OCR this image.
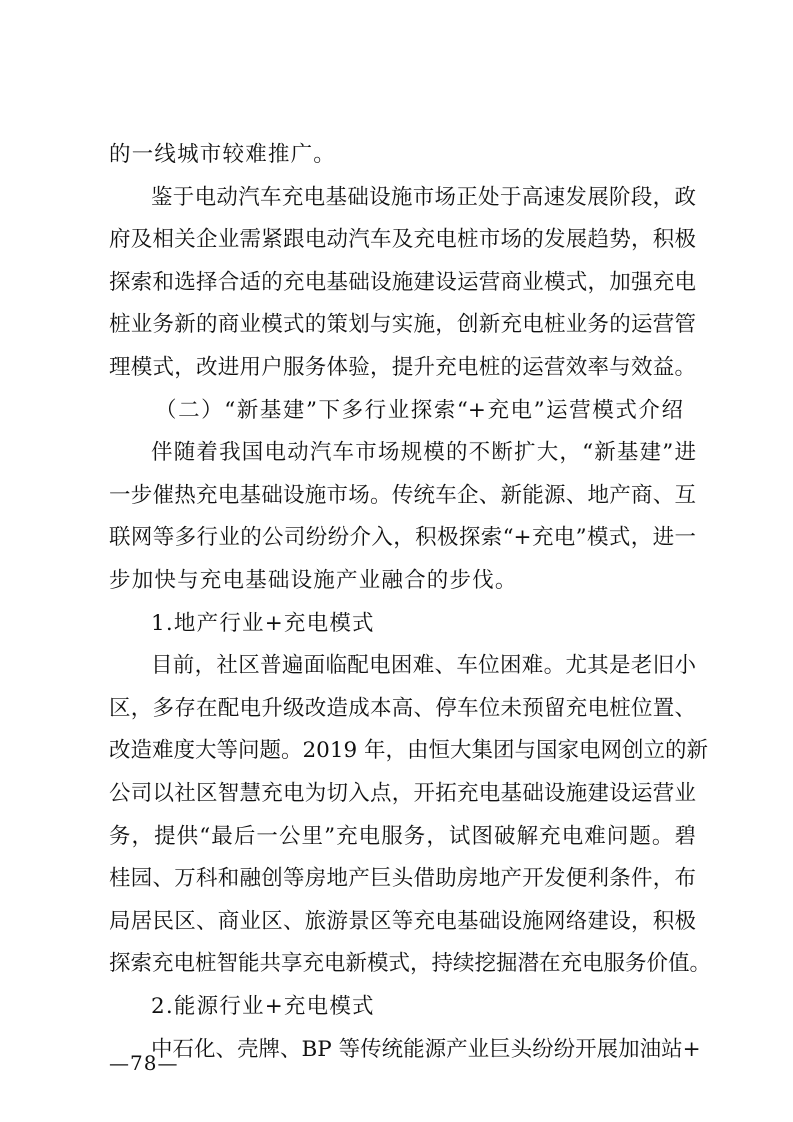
的一线城市较难推广。
鉴于电动汽车充电基础设施市场正处于高速发展阶段，政
府及相关企业需紧跟电动汽车及充电桩市场的发展趋势，积极
探索和选择合适的充电基础设施建设运营商业模式，加强充电
桩业务新的商业模式的策划与实施，创新充电桩业务的运营管
理模式，改进用户服务体验，提升充电桩的运营效率与效益。
（二）“新基建”下多行业探索“+充电”运营模式介绍
伴随着我国电动汽车市场规模的不断扩大，“新基建”进
一步催热充电基础设施市场。传统车企、新能源、地产商、互
联网等多行业的公司纷纷介入，积极探索“+充电”模式，进一
步加快与充电基础设施产业融合的步伐。
1.地产行业+充电模式
目前，社区普遍面临配电困难、车位困难。尤其是老旧小
区，多存在配电升级改造成本高、停车位未预留充电桩位置、
改造难度大等问题。2019 年，由恒大集团与国家电网创立的新
公司以社区智慧充电为切入点，开拓充电基础设施建设运营业
务，提供“最后一公里”充电服务，试图破解充电难问题。碧
桂园、万科和融创等房地产巨头借助房地产开发便利条件，布
局居民区、商业区、旅游景区等充电基础设施网络建设，积极
探索充电桩智能共享充电新模式，持续挖掘潜在充电服务价值。
2.能源行业+充电模式
中石化、壳牌、BP 等传统能源产业巨头纷纷开展加油站+
—78—
